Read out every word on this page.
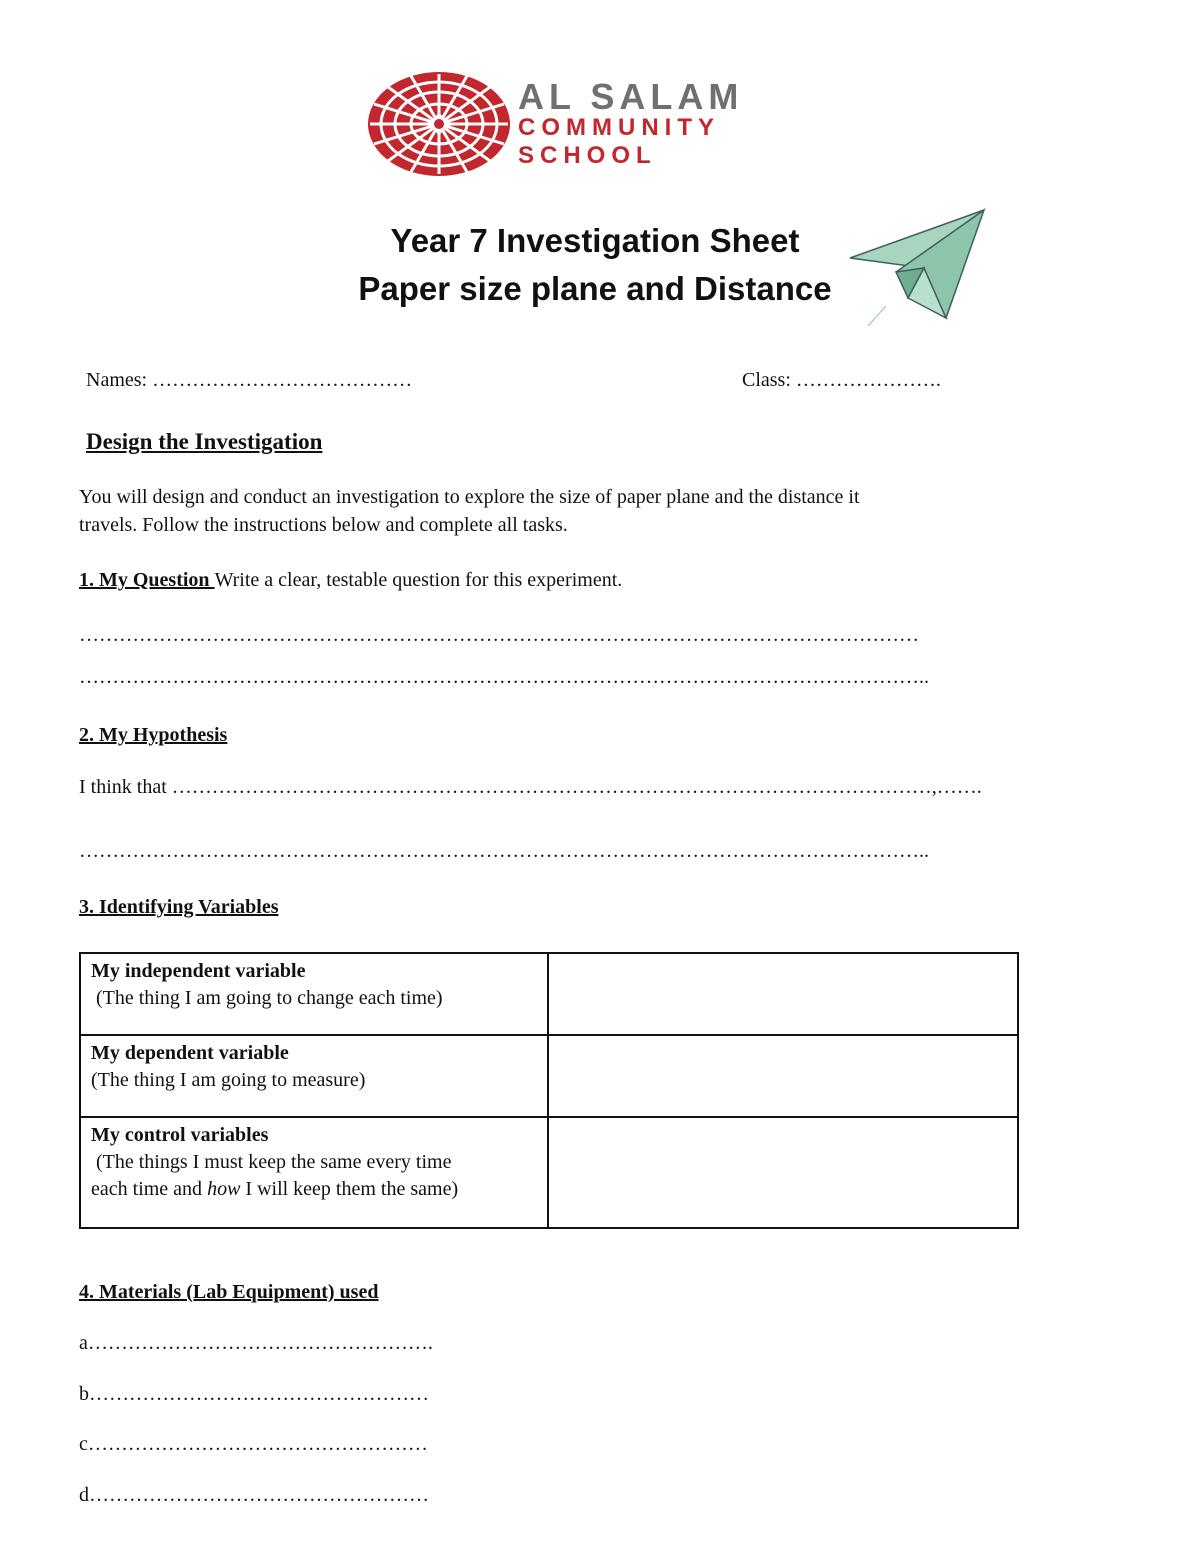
AL SALAM
COMMUNITY
SCHOOL
Year 7 Investigation Sheet
Paper size plane and Distance
Names: …………………………………	Class: ………………….
Design the Investigation
You will design and conduct an investigation to explore the size of paper plane and the distance it
travels. Follow the instructions below and complete all tasks.
1. My Question Write a clear, testable question for this experiment.
………………………………………………………………………………………………………………
………………………………………………………………………………………………………………..
2. My Hypothesis
I think that ……………………………………………………………………………………………………,…….
………………………………………………………………………………………………………………..
3. Identifying Variables
My independent variable
(The thing I am going to change each time)	

My dependent variable
(The thing I am going to measure)	

My control variables
(The things I must keep the same every time
each time and how I will keep them the same)	

4. Materials (Lab Equipment) used
a…………………………………………….
b……………………………………………
c……………………………………………
d……………………………………………
